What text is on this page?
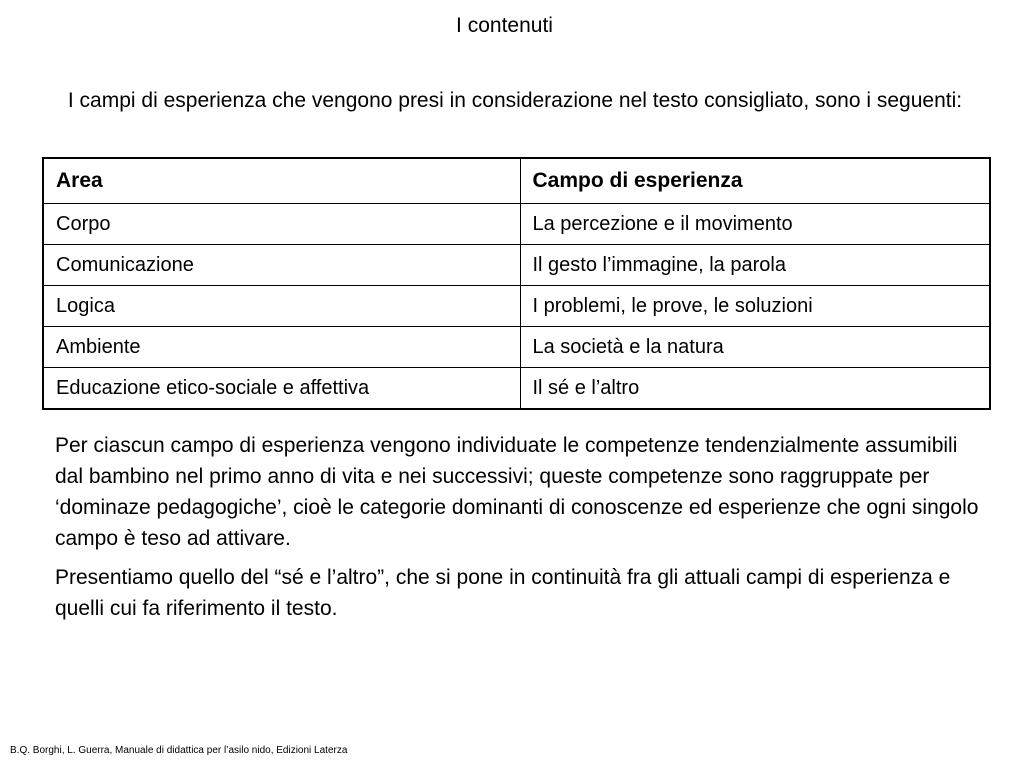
I contenuti
I campi di esperienza che vengono presi in considerazione nel testo consigliato, sono i seguenti:
Area	Campo di esperienza
Corpo	La percezione e il movimento
Comunicazione	Il gesto l’immagine, la parola
Logica	I problemi, le prove, le soluzioni
Ambiente	La società e la natura
Educazione etico-sociale e affettiva	Il sé e l’altro

Per ciascun campo di esperienza vengono individuate le competenze tendenzialmente assumibili dal bambino nel primo anno di vita e nei successivi; queste competenze sono raggruppate per ‘dominaze pedagogiche’, cioè le categorie dominanti di conoscenze ed esperienze che ogni singolo campo è teso ad attivare.

Presentiamo quello del “sé e l’altro”, che si pone in continuità fra gli attuali campi di esperienza e quelli cui fa riferimento il testo.

B.Q. Borghi, L. Guerra, Manuale di didattica per l’asilo nido, Edizioni Laterza
